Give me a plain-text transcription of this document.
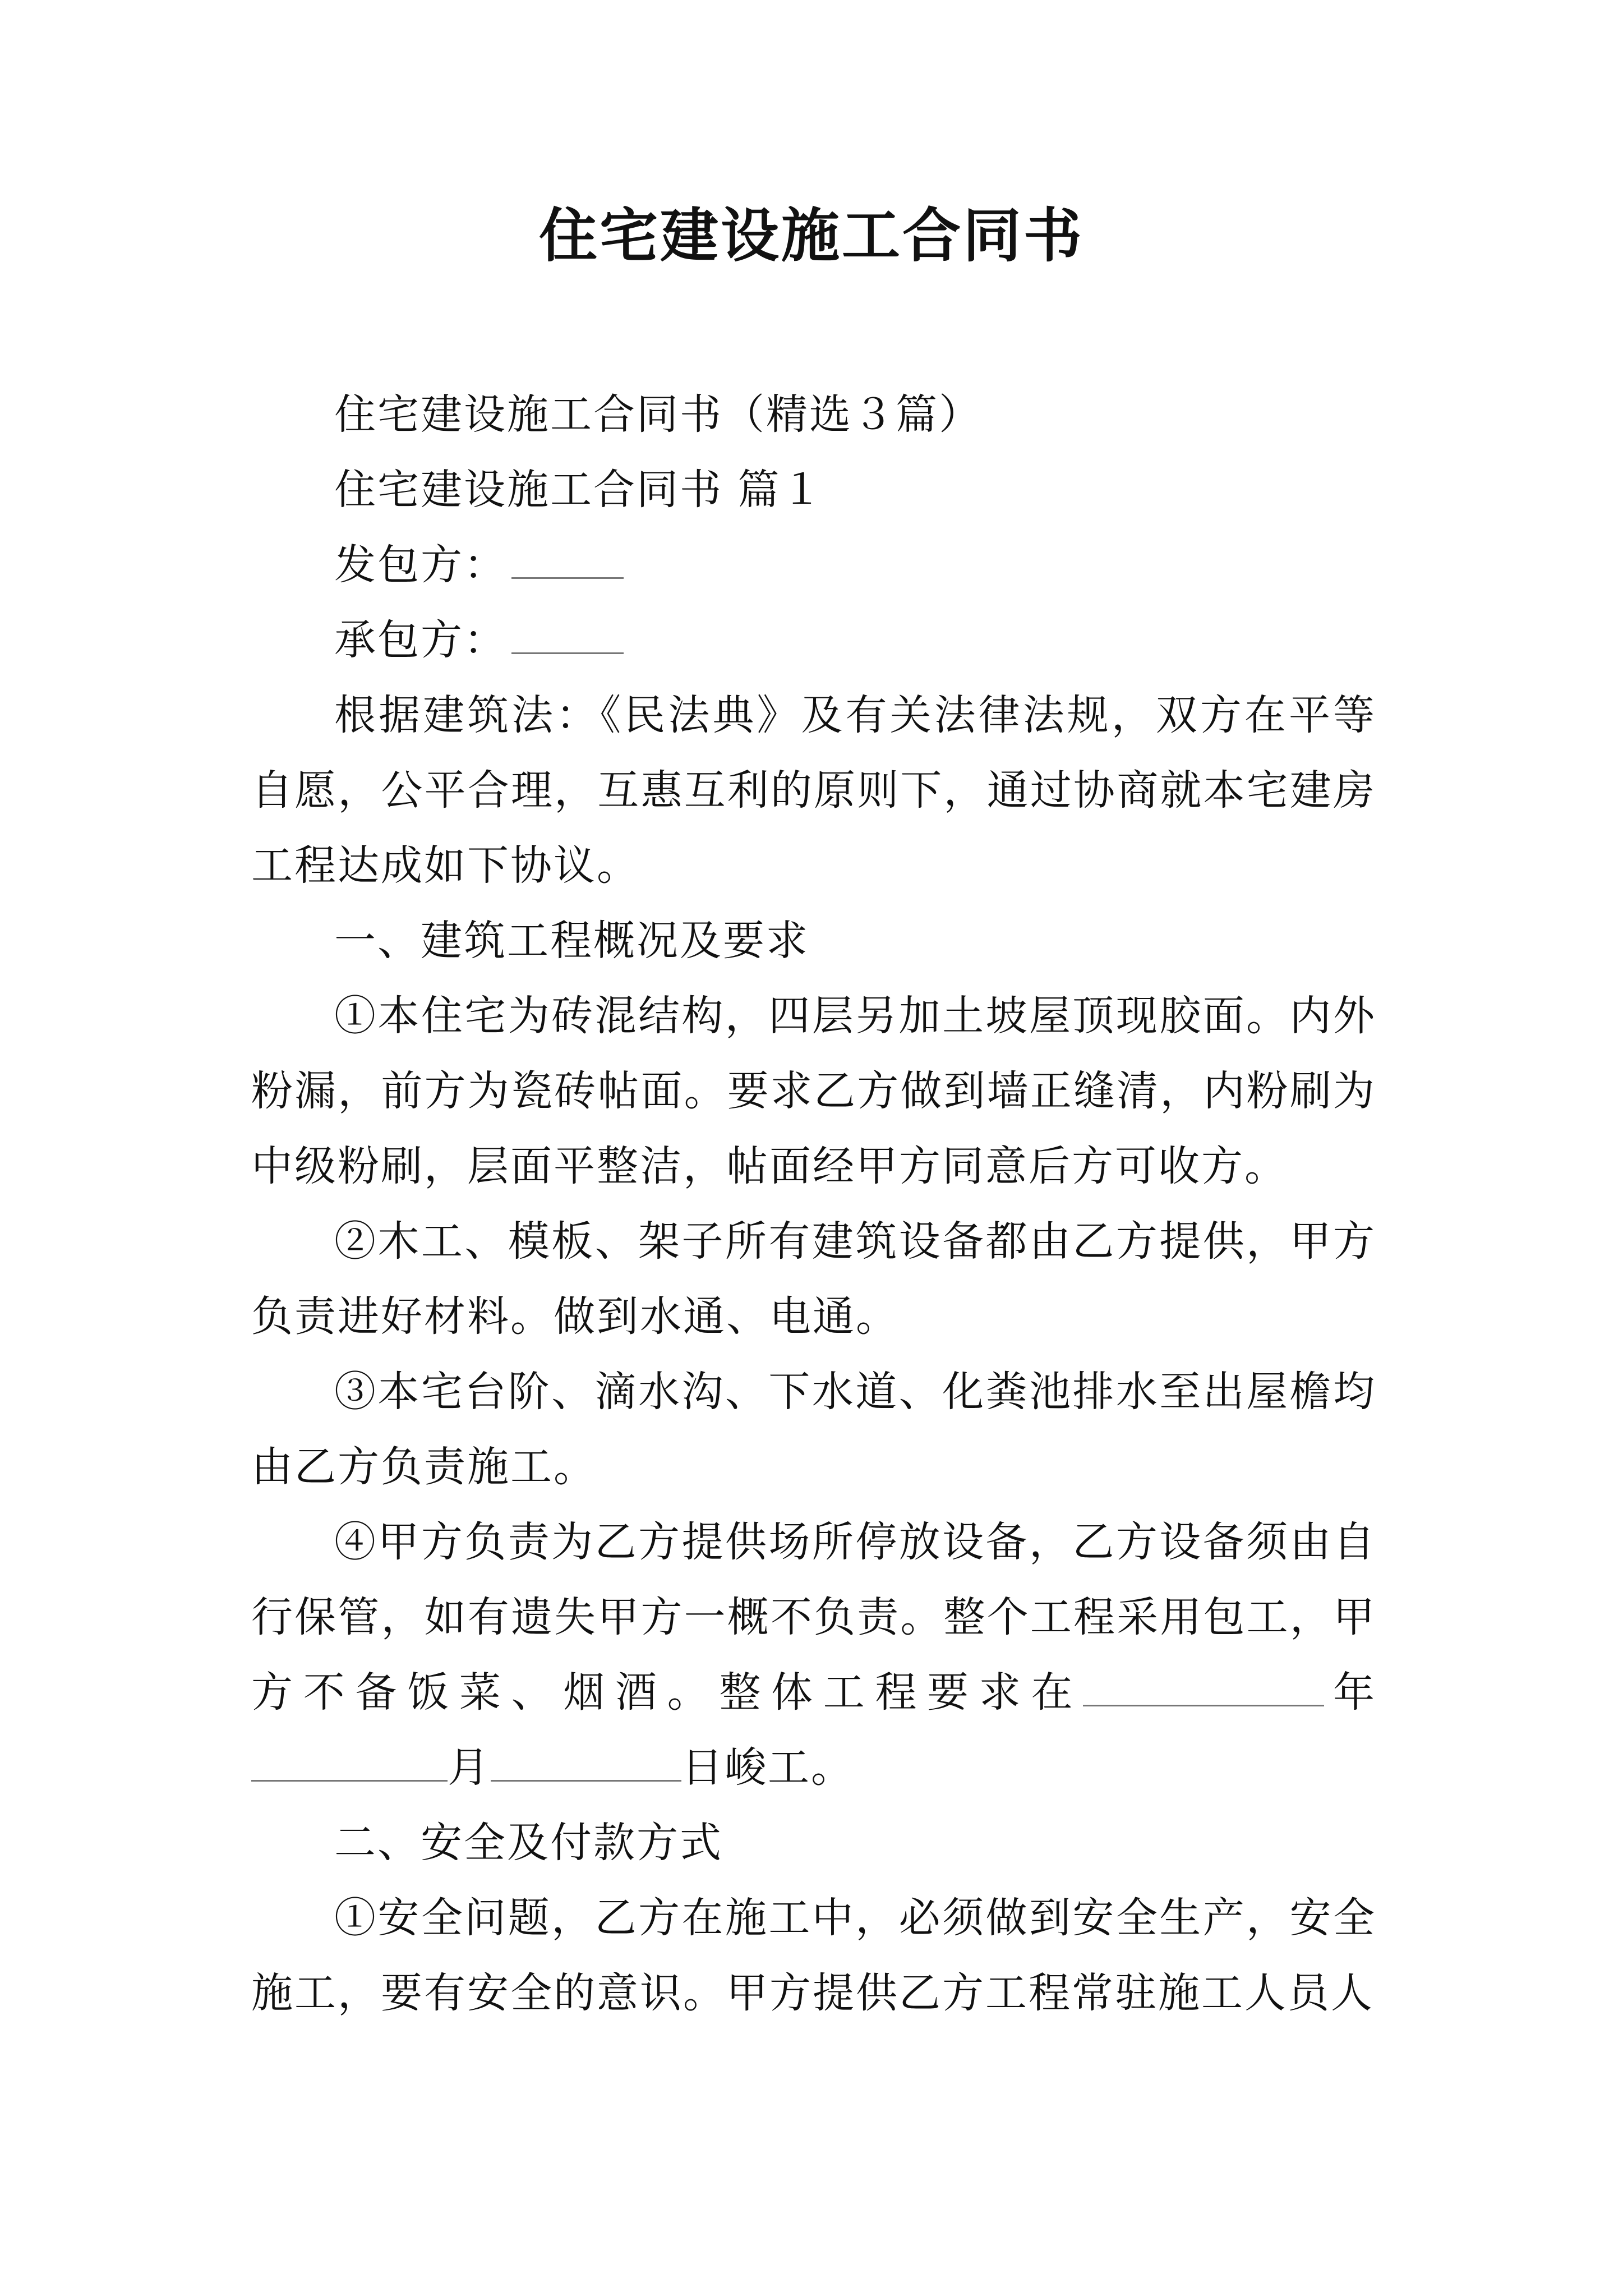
住宅建设施工合同书

住宅建设施工合同书（精选３篇）

住宅建设施工合同书 篇１

发包方：

承包方：

根据建筑法：《民法典》及有关法律法规，双方在平等自愿，公平合理，互惠互利的原则下，通过协商就本宅建房工程达成如下协议。

一、建筑工程概况及要求

①本住宅为砖混结构，四层另加土坡屋顶现胶面。内外粉漏，前方为瓷砖帖面。要求乙方做到墙正缝清，内粉刷为中级粉刷，层面平整洁，帖面经甲方同意后方可收方。

②木工、模板、架子所有建筑设备都由乙方提供，甲方负责进好材料。做到水通、电通。

③本宅台阶、滴水沟、下水道、化粪池排水至出屋檐均由乙方负责施工。

④甲方负责为乙方提供场所停放设备，乙方设备须由自行保管，如有遗失甲方一概不负责。整个工程采用包工，甲方不备饭菜、烟酒。整体工程要求在	年月	日峻工。

二、安全及付款方式

①安全问题，乙方在施工中，必须做到安全生产，安全施工，要有安全的意识。甲方提供乙方工程常驻施工人员人
